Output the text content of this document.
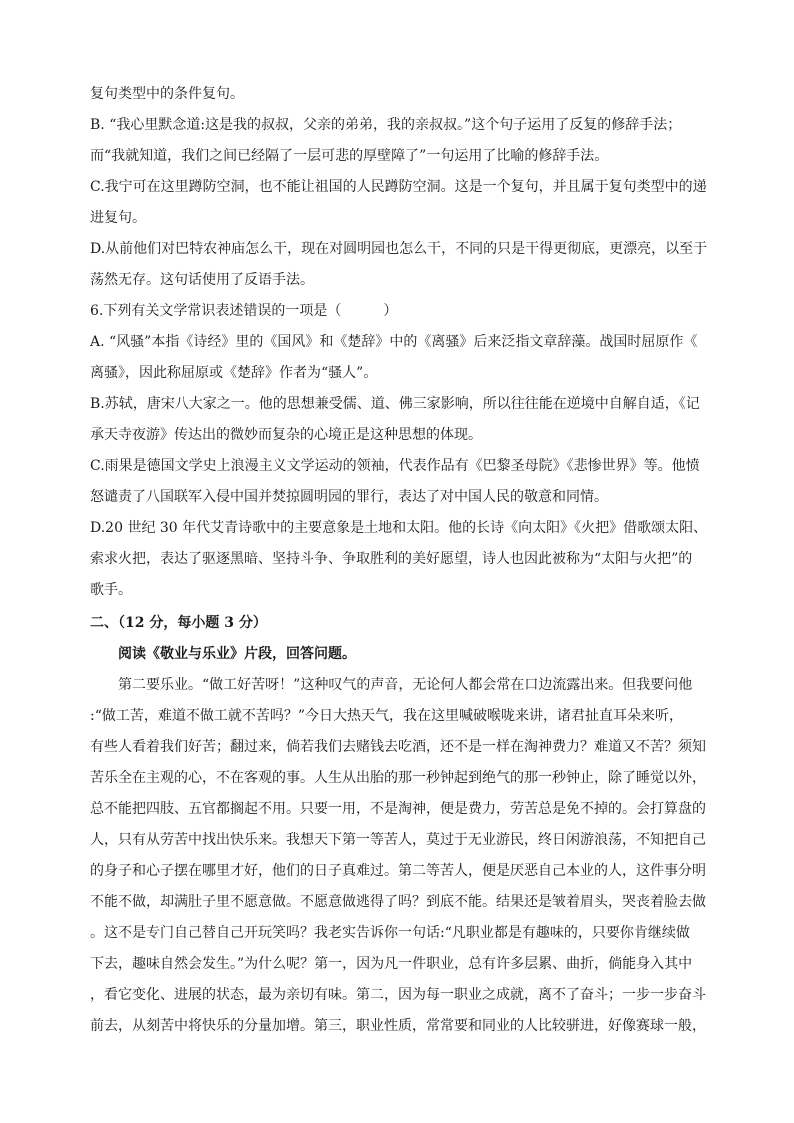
复句类型中的条件复句。
B. “我心里默念道:这是我的叔叔，父亲的弟弟，我的亲叔叔。”这个句子运用了反复的修辞手法；
而“我就知道，我们之间已经隔了一层可悲的厚壁障了”一句运用了比喻的修辞手法。
C.我宁可在这里蹲防空洞，也不能让祖国的人民蹲防空洞。这是一个复句，并且属于复句类型中的递
进复句。
D.从前他们对巴特农神庙怎么干，现在对圆明园也怎么干，不同的只是干得更彻底，更漂亮，以至于
荡然无存。这句话使用了反语手法。
6.下列有关文学常识表述错误的一项是（　　　）
A. “风骚”本指《诗经》里的《国风》和《楚辞》中的《离骚》后来泛指文章辞藻。战国时屈原作《
离骚》，因此称屈原或《楚辞》作者为“骚人”。
B.苏轼，唐宋八大家之一。他的思想兼受儒、道、佛三家影响，所以往往能在逆境中自解自适，《记
承天寺夜游》传达出的微妙而复杂的心境正是这种思想的体现。
C.雨果是德国文学史上浪漫主义文学运动的领袖，代表作品有《巴黎圣母院》《悲惨世界》等。他愤
怒谴责了八国联军入侵中国并焚掠圆明园的罪行，表达了对中国人民的敬意和同情。
D.20 世纪 30 年代艾青诗歌中的主要意象是土地和太阳。他的长诗《向太阳》《火把》借歌颂太阳、
索求火把，表达了驱逐黑暗、坚持斗争、争取胜利的美好愿望，诗人也因此被称为“太阳与火把”的
歌手。
二、（12 分，每小题 3 分）
阅读《敬业与乐业》片段，回答问题。
第二要乐业。“做工好苦呀！”这种叹气的声音，无论何人都会常在口边流露出来。但我要问他
:“做工苦，难道不做工就不苦吗？”今日大热天气，我在这里喊破喉咙来讲，诸君扯直耳朵来听，
有些人看着我们好苦；翻过来，倘若我们去赌钱去吃酒，还不是一样在淘神费力？难道又不苦？须知
苦乐全在主观的心，不在客观的事。人生从出胎的那一秒钟起到绝气的那一秒钟止，除了睡觉以外，
总不能把四肢、五官都搁起不用。只要一用，不是淘神，便是费力，劳苦总是免不掉的。会打算盘的
人，只有从劳苦中找出快乐来。我想天下第一等苦人，莫过于无业游民，终日闲游浪荡，不知把自己
的身子和心子摆在哪里才好，他们的日子真难过。第二等苦人，便是厌恶自己本业的人，这件事分明
不能不做，却满肚子里不愿意做。不愿意做逃得了吗？到底不能。结果还是皱着眉头，哭丧着脸去做
。这不是专门自己替自己开玩笑吗？我老实告诉你一句话:“凡职业都是有趣味的，只要你肯继续做
下去，趣味自然会发生。”为什么呢？第一，因为凡一件职业，总有许多层累、曲折，倘能身入其中
，看它变化、进展的状态，最为亲切有味。第二，因为每一职业之成就，离不了奋斗；一步一步奋斗
前去，从刻苦中将快乐的分量加增。第三，职业性质，常常要和同业的人比较骈进，好像赛球一般，
